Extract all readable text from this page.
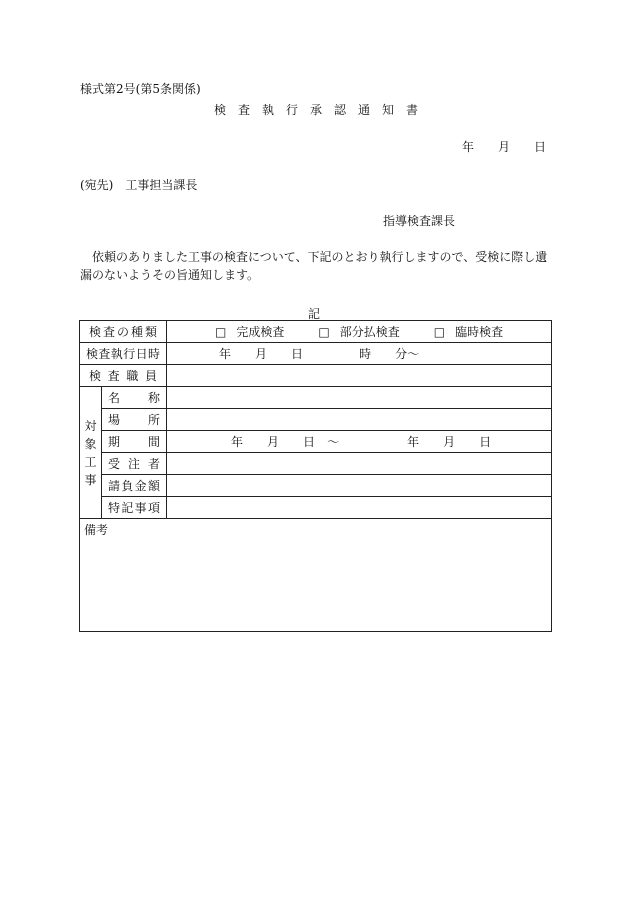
様式第2号(第5条関係)
検査執行承認通知書
年 月 日
(宛先) 工事担当課長
指導検査課長
依頼のありました工事の検査について、下記のとおり執行しますので、受検に際し遺漏のないようその旨通知します。
記
検査の種類		□ 完成検査 □ 部分払検査 □ 臨時検査
検査執行日時		年 月 日 時 分〜
検査職員		

対象工事	名称	
	場所	
	期間	年 月 日 〜 年 月 日
	受注者	
	請負金額	
	特記事項	
備考		
